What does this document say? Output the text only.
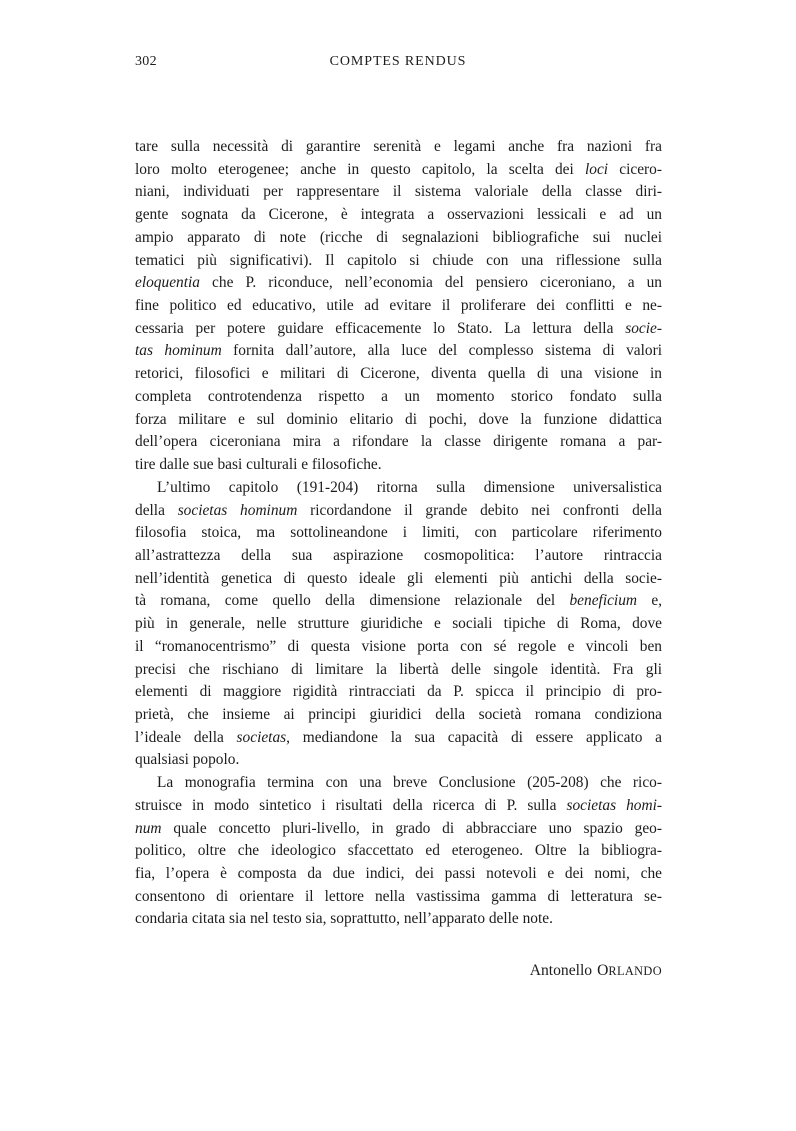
302	COMPTES RENDUS
tare sulla necessità di garantire serenità e legami anche fra nazioni fra
loro molto eterogenee; anche in questo capitolo, la scelta dei loci cicero-
niani, individuati per rappresentare il sistema valoriale della classe diri-
gente sognata da Cicerone, è integrata a osservazioni lessicali e ad un
ampio apparato di note (ricche di segnalazioni bibliografiche sui nuclei
tematici più significativi). Il capitolo si chiude con una riflessione sulla
eloquentia che P. riconduce, nell’economia del pensiero ciceroniano, a un
fine politico ed educativo, utile ad evitare il proliferare dei conflitti e ne-
cessaria per potere guidare efficacemente lo Stato. La lettura della socie-
tas hominum fornita dall’autore, alla luce del complesso sistema di valori
retorici, filosofici e militari di Cicerone, diventa quella di una visione in
completa controtendenza rispetto a un momento storico fondato sulla
forza militare e sul dominio elitario di pochi, dove la funzione didattica
dell’opera ciceroniana mira a rifondare la classe dirigente romana a par-
tire dalle sue basi culturali e filosofiche.
L’ultimo capitolo (191-204) ritorna sulla dimensione universalistica
della societas hominum ricordandone il grande debito nei confronti della
filosofia stoica, ma sottolineandone i limiti, con particolare riferimento
all’astrattezza della sua aspirazione cosmopolitica: l’autore rintraccia
nell’identità genetica di questo ideale gli elementi più antichi della socie-
tà romana, come quello della dimensione relazionale del beneficium e,
più in generale, nelle strutture giuridiche e sociali tipiche di Roma, dove
il “romanocentrismo” di questa visione porta con sé regole e vincoli ben
precisi che rischiano di limitare la libertà delle singole identità. Fra gli
elementi di maggiore rigidità rintracciati da P. spicca il principio di pro-
prietà, che insieme ai principi giuridici della società romana condiziona
l’ideale della societas, mediandone la sua capacità di essere applicato a
qualsiasi popolo.
La monografia termina con una breve Conclusione (205-208) che rico-
struisce in modo sintetico i risultati della ricerca di P. sulla societas homi-
num quale concetto pluri-livello, in grado di abbracciare uno spazio geo-
politico, oltre che ideologico sfaccettato ed eterogeneo. Oltre la bibliogra-
fia, l’opera è composta da due indici, dei passi notevoli e dei nomi, che
consentono di orientare il lettore nella vastissima gamma di letteratura se-
condaria citata sia nel testo sia, soprattutto, nell’apparato delle note.
Antonello ORLANDO
